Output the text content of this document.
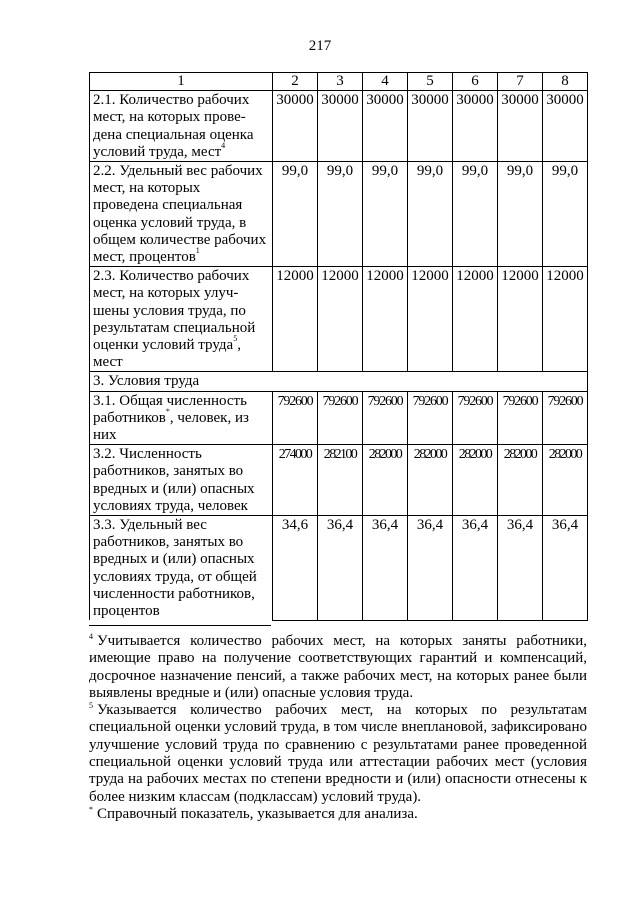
217
1	2	3	4	5	6	7	8
2.1. Количество рабочих мест, на которых прове-дена специальная оценка условий труда, мест$^4$	30000	30000	30000	30000	30000	30000	30000
2.2. Удельный вес рабочих мест, на которых проведена специальная оценка условий труда, в общем количестве рабочих мест, процентов$^1$	99,0	99,0	99,0	99,0	99,0	99,0	99,0
2.3. Количество рабочих мест, на которых улуч-шены условия труда, по результатам специальной оценки условий труда$^5$, мест	12000	12000	12000	12000	12000	12000	12000
3. Условия труда							
3.1. Общая численность работников*, человек, из них	792600	792600	792600	792600	792600	792600	792600
3.2. Численность работников, занятых во вредных и (или) опасных условиях труда, человек	274000	282100	282000	282000	282000	282000	282000
3.3. Удельный вес работников, занятых во вредных и (или) опасных условиях труда, от общей численности работников, процентов	34,6	36,4	36,4	36,4	36,4	36,4	36,4

$^4$ Учитывается количество рабочих мест, на которых заняты работники, имеющие право на получение соответствующих гарантий и компенсаций, досрочное назначение пенсий, а также рабочих мест, на которых ранее были выявлены вредные и (или) опасные условия труда.

$^5$ Указывается количество рабочих мест, на которых по результатам специальной оценки условий труда, в том числе внеплановой, зафиксировано улучшение условий труда по сравнению с результатами ранее проведенной специальной оценки условий труда или аттестации рабочих мест (условия труда на рабочих местах по степени вредности и (или) опасности отнесены к более низким классам (подклассам) условий труда).

* Справочный показатель, указывается для анализа.
